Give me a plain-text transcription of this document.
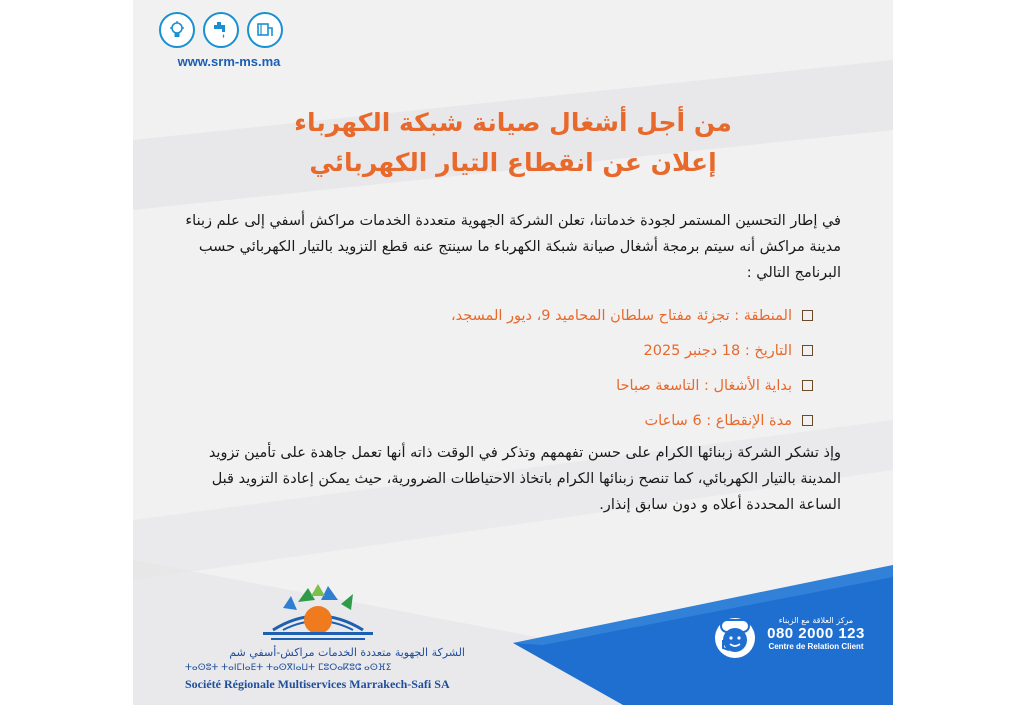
www.srm-ms.ma
من أجل أشغال صيانة شبكة الكهرباء
إعلان عن انقطاع التيار الكهربائي
في إطار التحسين المستمر لجودة خدماتنا، تعلن الشركة الجهوية متعددة الخدمات مراكش أسفي إلى علم زبناء مدينة مراكش أنه سيتم برمجة أشغال صيانة شبكة الكهرباء ما سينتج عنه قطع التزويد بالتيار الكهربائي حسب البرنامج التالي :
المنطقة : تجزئة مفتاح سلطان المحاميد 9، ديور المسجد،
التاريخ : 18 دجنبر 2025
بداية الأشغال : التاسعة صباحا
مدة الإنقطاع : 6 ساعات
وإذ تشكر الشركة زبنائها الكرام على حسن تفهمهم وتذكر في الوقت ذاته أنها تعمل جاهدة على تأمين تزويد المدينة بالتيار الكهربائي، كما تنصح زبنائها الكرام باتخاذ الاحتياطات الضرورية، حيث يمكن إعادة التزويد قبل الساعة المحددة أعلاه و دون سابق إنذار.
الشركة الجهوية متعددة الخدمات مراكش-أسفي شم
ⵜⴰⵙⵓⵜ ⵜⴰⵏⵎⵏⴰⴹⵜ ⵜⴰⵙⴳⵏⴰⵡⵜ ⵎⵓⵔⴰⴽⵓⵛ ⴰⵙⴼⵉ
Société Régionale Multiservices Marrakech-Safi SA
مركز العلاقة مع الزبناء
080 2000 123
Centre de Relation Client
